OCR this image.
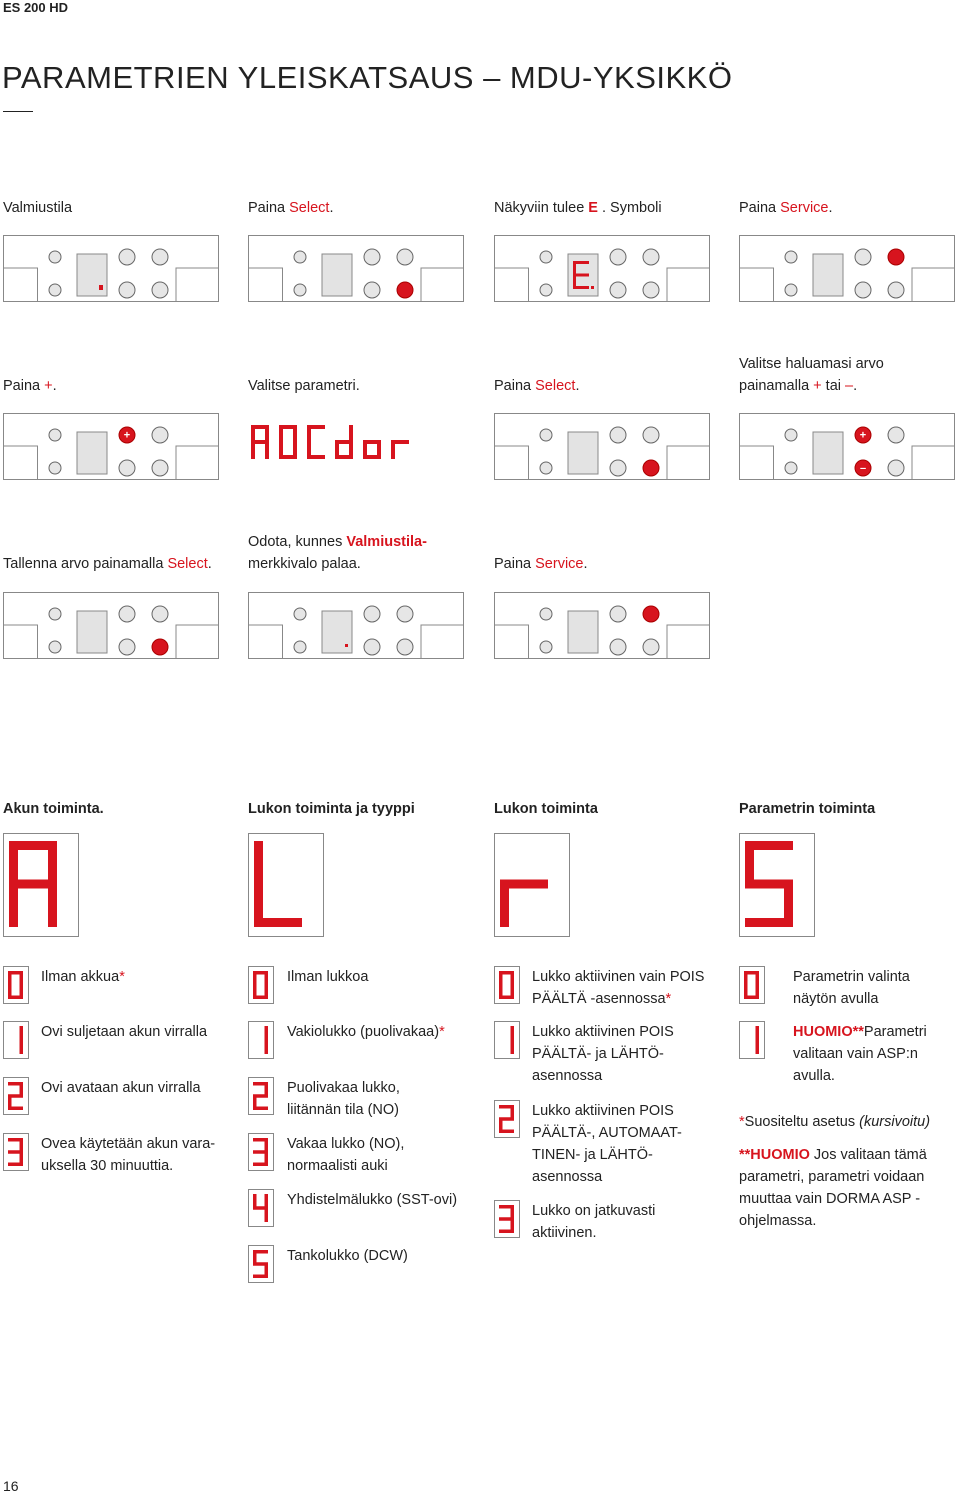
ES 200 HD
PARAMETRIEN YLEISKATSAUS – MDU-YKSIKKÖ
Valmiustila	Paina Select.	Näkyviin tulee E . Symboli	Paina Service.
Paina +.	Valitse parametri.	Paina Select.
Valitse haluamasi arvo painamalla + tai –.
Tallenna arvo painamalla Select.
Odota, kunnes Valmiustila-
merkkivalo palaa.	Paina Service.
+	+
–
Akun toiminta.	Lukon toiminta ja tyyppi	Lukon toiminta	Parametrin toiminta
Ilman akkua*
Ovi suljetaan akun virralla
Ovi avataan akun virralla
Ovea käytetään akun vara-uksella 30 minuuttia.
Ilman lukkoa
Vakiolukko (puolivakaa)*
Puolivakaa lukko, liitännän tila (NO)
Vakaa lukko (NO), normaalisti auki
Yhdistelmälukko (SST-ovi)
Tankolukko (DCW)
Lukko aktiivinen vain POIS PÄÄLTÄ -asennossa*
Lukko aktiivinen POIS PÄÄLTÄ- ja LÄHTÖ-asennossa
Lukko aktiivinen POIS PÄÄLTÄ-, AUTOMAAT-TINEN- ja LÄHTÖ-asennossa
Lukko on jatkuvasti aktiivinen.
Parametrin valinta näytön avulla
HUOMIO**Parametri valitaan vain ASP:n avulla.
*Suositeltu asetus (kursivoitu)
**HUOMIO Jos valitaan tämä parametri, parametri voidaan muuttaa vain DORMA ASP -ohjelmassa.
16
